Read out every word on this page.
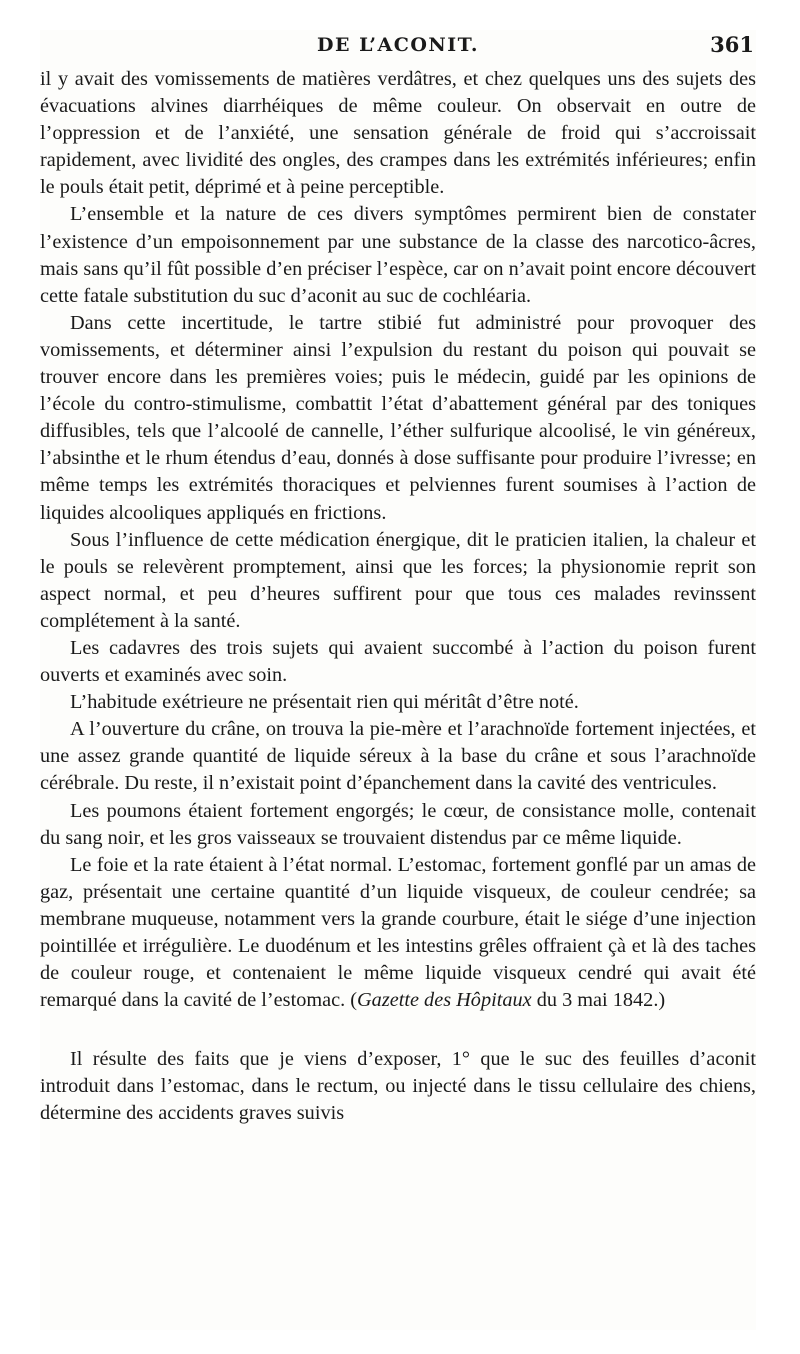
DE L’ACONIT.	361

il y avait des vomissements de matières verdâtres, et chez quelques uns des sujets des évacuations alvines diarrhéiques de même couleur. On observait en outre de l’oppression et de l’anxiété, une sensation générale de froid qui s’accroissait rapidement, avec lividité des ongles, des crampes dans les extrémités inférieures; enfin le pouls était petit, déprimé et à peine perceptible.

L’ensemble et la nature de ces divers symptômes permirent bien de constater l’existence d’un empoisonnement par une substance de la classe des narcotico-âcres, mais sans qu’il fût possible d’en préciser l’espèce, car on n’avait point encore découvert cette fatale substitution du suc d’aconit au suc de cochléaria.

Dans cette incertitude, le tartre stibié fut administré pour provoquer des vomissements, et déterminer ainsi l’expulsion du restant du poison qui pouvait se trouver encore dans les premières voies; puis le médecin, guidé par les opinions de l’école du contro-stimulisme, combattit l’état d’abattement général par des toniques diffusibles, tels que l’alcoolé de cannelle, l’éther sulfurique alcoolisé, le vin généreux, l’absinthe et le rhum étendus d’eau, donnés à dose suffisante pour produire l’ivresse; en même temps les extrémités thoraciques et pelviennes furent soumises à l’action de liquides alcooliques appliqués en frictions.

Sous l’influence de cette médication énergique, dit le praticien italien, la chaleur et le pouls se relevèrent promptement, ainsi que les forces; la physionomie reprit son aspect normal, et peu d’heures suffirent pour que tous ces malades revinssent complétement à la santé.

Les cadavres des trois sujets qui avaient succombé à l’action du poison furent ouverts et examinés avec soin.

L’habitude exétrieure ne présentait rien qui méritât d’être noté.

A l’ouverture du crâne, on trouva la pie-mère et l’arachnoïde fortement injectées, et une assez grande quantité de liquide séreux à la base du crâne et sous l’arachnoïde cérébrale. Du reste, il n’existait point d’épanchement dans la cavité des ventricules.

Les poumons étaient fortement engorgés; le cœur, de consistance molle, contenait du sang noir, et les gros vaisseaux se trouvaient distendus par ce même liquide.

Le foie et la rate étaient à l’état normal. L’estomac, fortement gonflé par un amas de gaz, présentait une certaine quantité d’un liquide visqueux, de couleur cendrée; sa membrane muqueuse, notamment vers la grande courbure, était le siége d’une injection pointillée et irrégulière. Le duodénum et les intestins grêles offraient çà et là des taches de couleur rouge, et contenaient le même liquide visqueux cendré qui avait été remarqué dans la cavité de l’estomac. (Gazette des Hôpitaux du 3 mai 1842.)

Il résulte des faits que je viens d’exposer, 1° que le suc des feuilles d’aconit introduit dans l’estomac, dans le rectum, ou injecté dans le tissu cellulaire des chiens, détermine des accidents graves suivis
